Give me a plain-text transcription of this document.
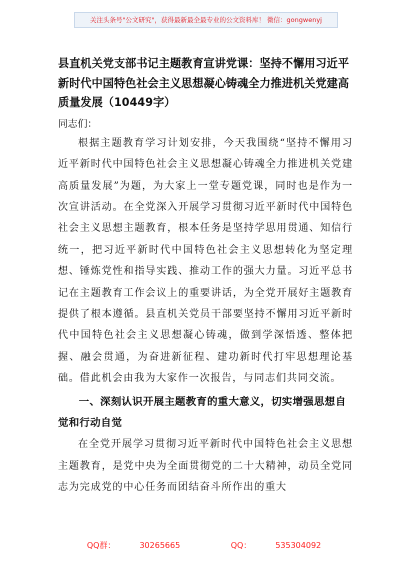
关注头条号"公文研究"，获得最新最全最专业的公文资料库！ 微信：gongwenyj

县直机关党支部书记主题教育宣讲党课：坚持不懈用习近平新时代中国特色社会主义思想凝心铸魂全力推进机关党建高质量发展（10449字）

同志们：

根据主题教育学习计划安排，今天我围绕“坚持不懈用习近平新时代中国特色社会主义思想凝心铸魂全力推进机关党建高质量发展”为题，为大家上一堂专题党课，同时也是作为一次宣讲活动。在全党深入开展学习贯彻习近平新时代中国特色社会主义思想主题教育，根本任务是坚持学思用贯通、知信行统一，把习近平新时代中国特色社会主义思想转化为坚定理想、锤炼党性和指导实践、推动工作的强大力量。习近平总书记在主题教育工作会议上的重要讲话，为全党开展好主题教育提供了根本遵循。县直机关党员干部要坚持不懈用习近平新时代中国特色社会主义思想凝心铸魂，做到学深悟透、整体把握、融会贯通，为奋进新征程、建功新时代打牢思想理论基础。借此机会由我为大家作一次报告，与同志们共同交流。

一、深刻认识开展主题教育的重大意义，切实增强思想自觉和行动自觉

在全党开展学习贯彻习近平新时代中国特色社会主义思想主题教育，是党中央为全面贯彻党的二十大精神，动员全党同志为完成党的中心任务而团结奋斗所作出的重大

QQ群：	30265665	QQ：	535304092
